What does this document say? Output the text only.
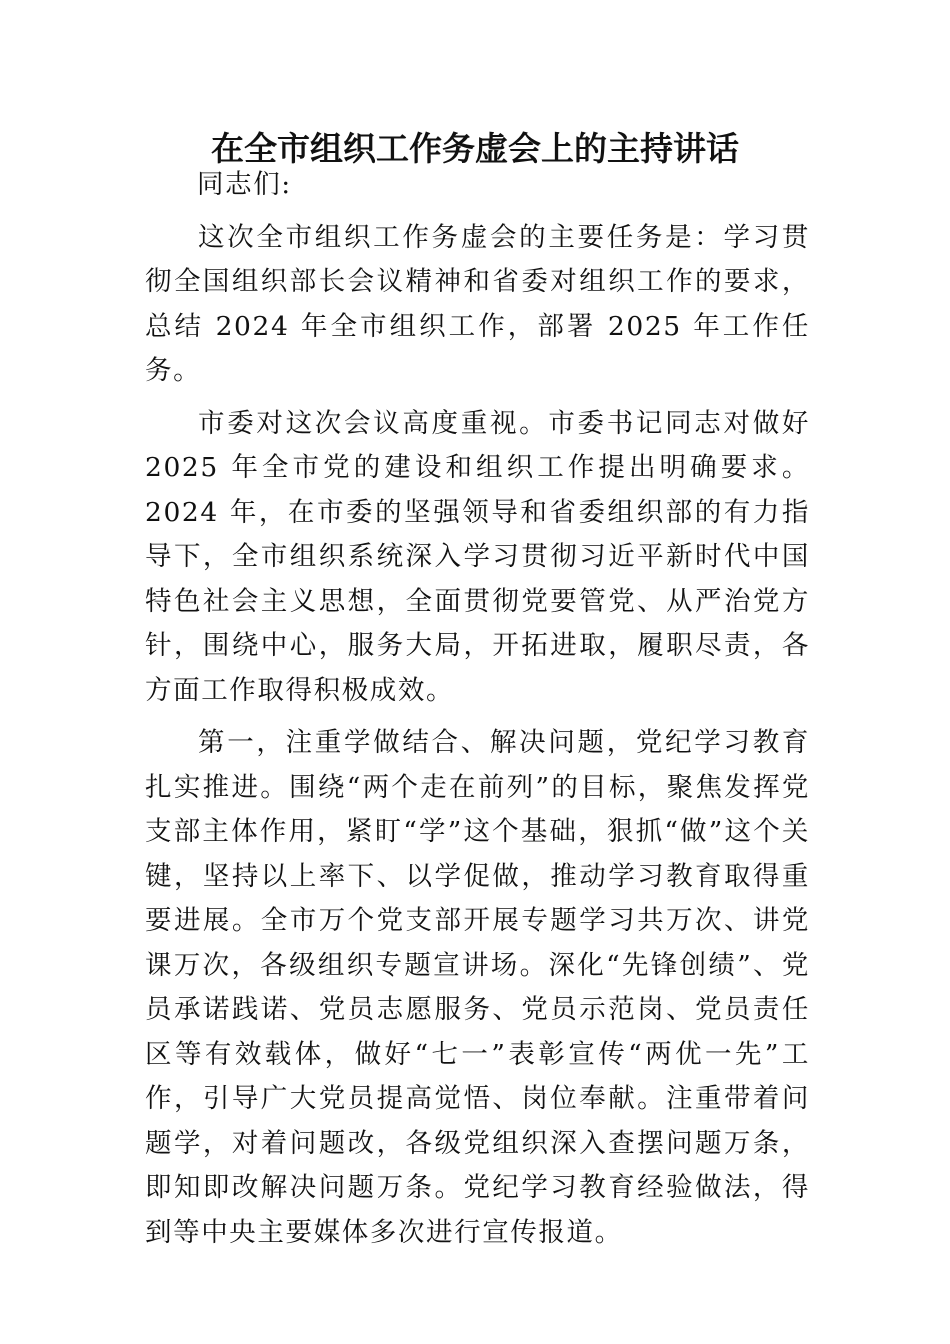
在全市组织工作务虚会上的主持讲话

同志们:

这次全市组织工作务虚会的主要任务是：学习贯彻全国组织部长会议精神和省委对组织工作的要求，总结 2024 年全市组织工作，部署 2025 年工作任务。

市委对这次会议高度重视。市委书记同志对做好 2025 年全市党的建设和组织工作提出明确要求。2024 年，在市委的坚强领导和省委组织部的有力指导下，全市组织系统深入学习贯彻习近平新时代中国特色社会主义思想，全面贯彻党要管党、从严治党方针，围绕中心，服务大局，开拓进取，履职尽责，各方面工作取得积极成效。

第一，注重学做结合、解决问题，党纪学习教育扎实推进。围绕“两个走在前列”的目标，聚焦发挥党支部主体作用，紧盯“学”这个基础，狠抓“做”这个关键，坚持以上率下、以学促做，推动学习教育取得重要进展。全市万个党支部开展专题学习共万次、讲党课万次，各级组织专题宣讲场。深化“先锋创绩”、党员承诺践诺、党员志愿服务、党员示范岗、党员责任区等有效载体，做好“七一”表彰宣传“两优一先”工作，引导广大党员提高觉悟、岗位奉献。注重带着问题学，对着问题改，各级党组织深入查摆问题万条，即知即改解决问题万条。党纪学习教育经验做法，得到等中央主要媒体多次进行宣传报道。
